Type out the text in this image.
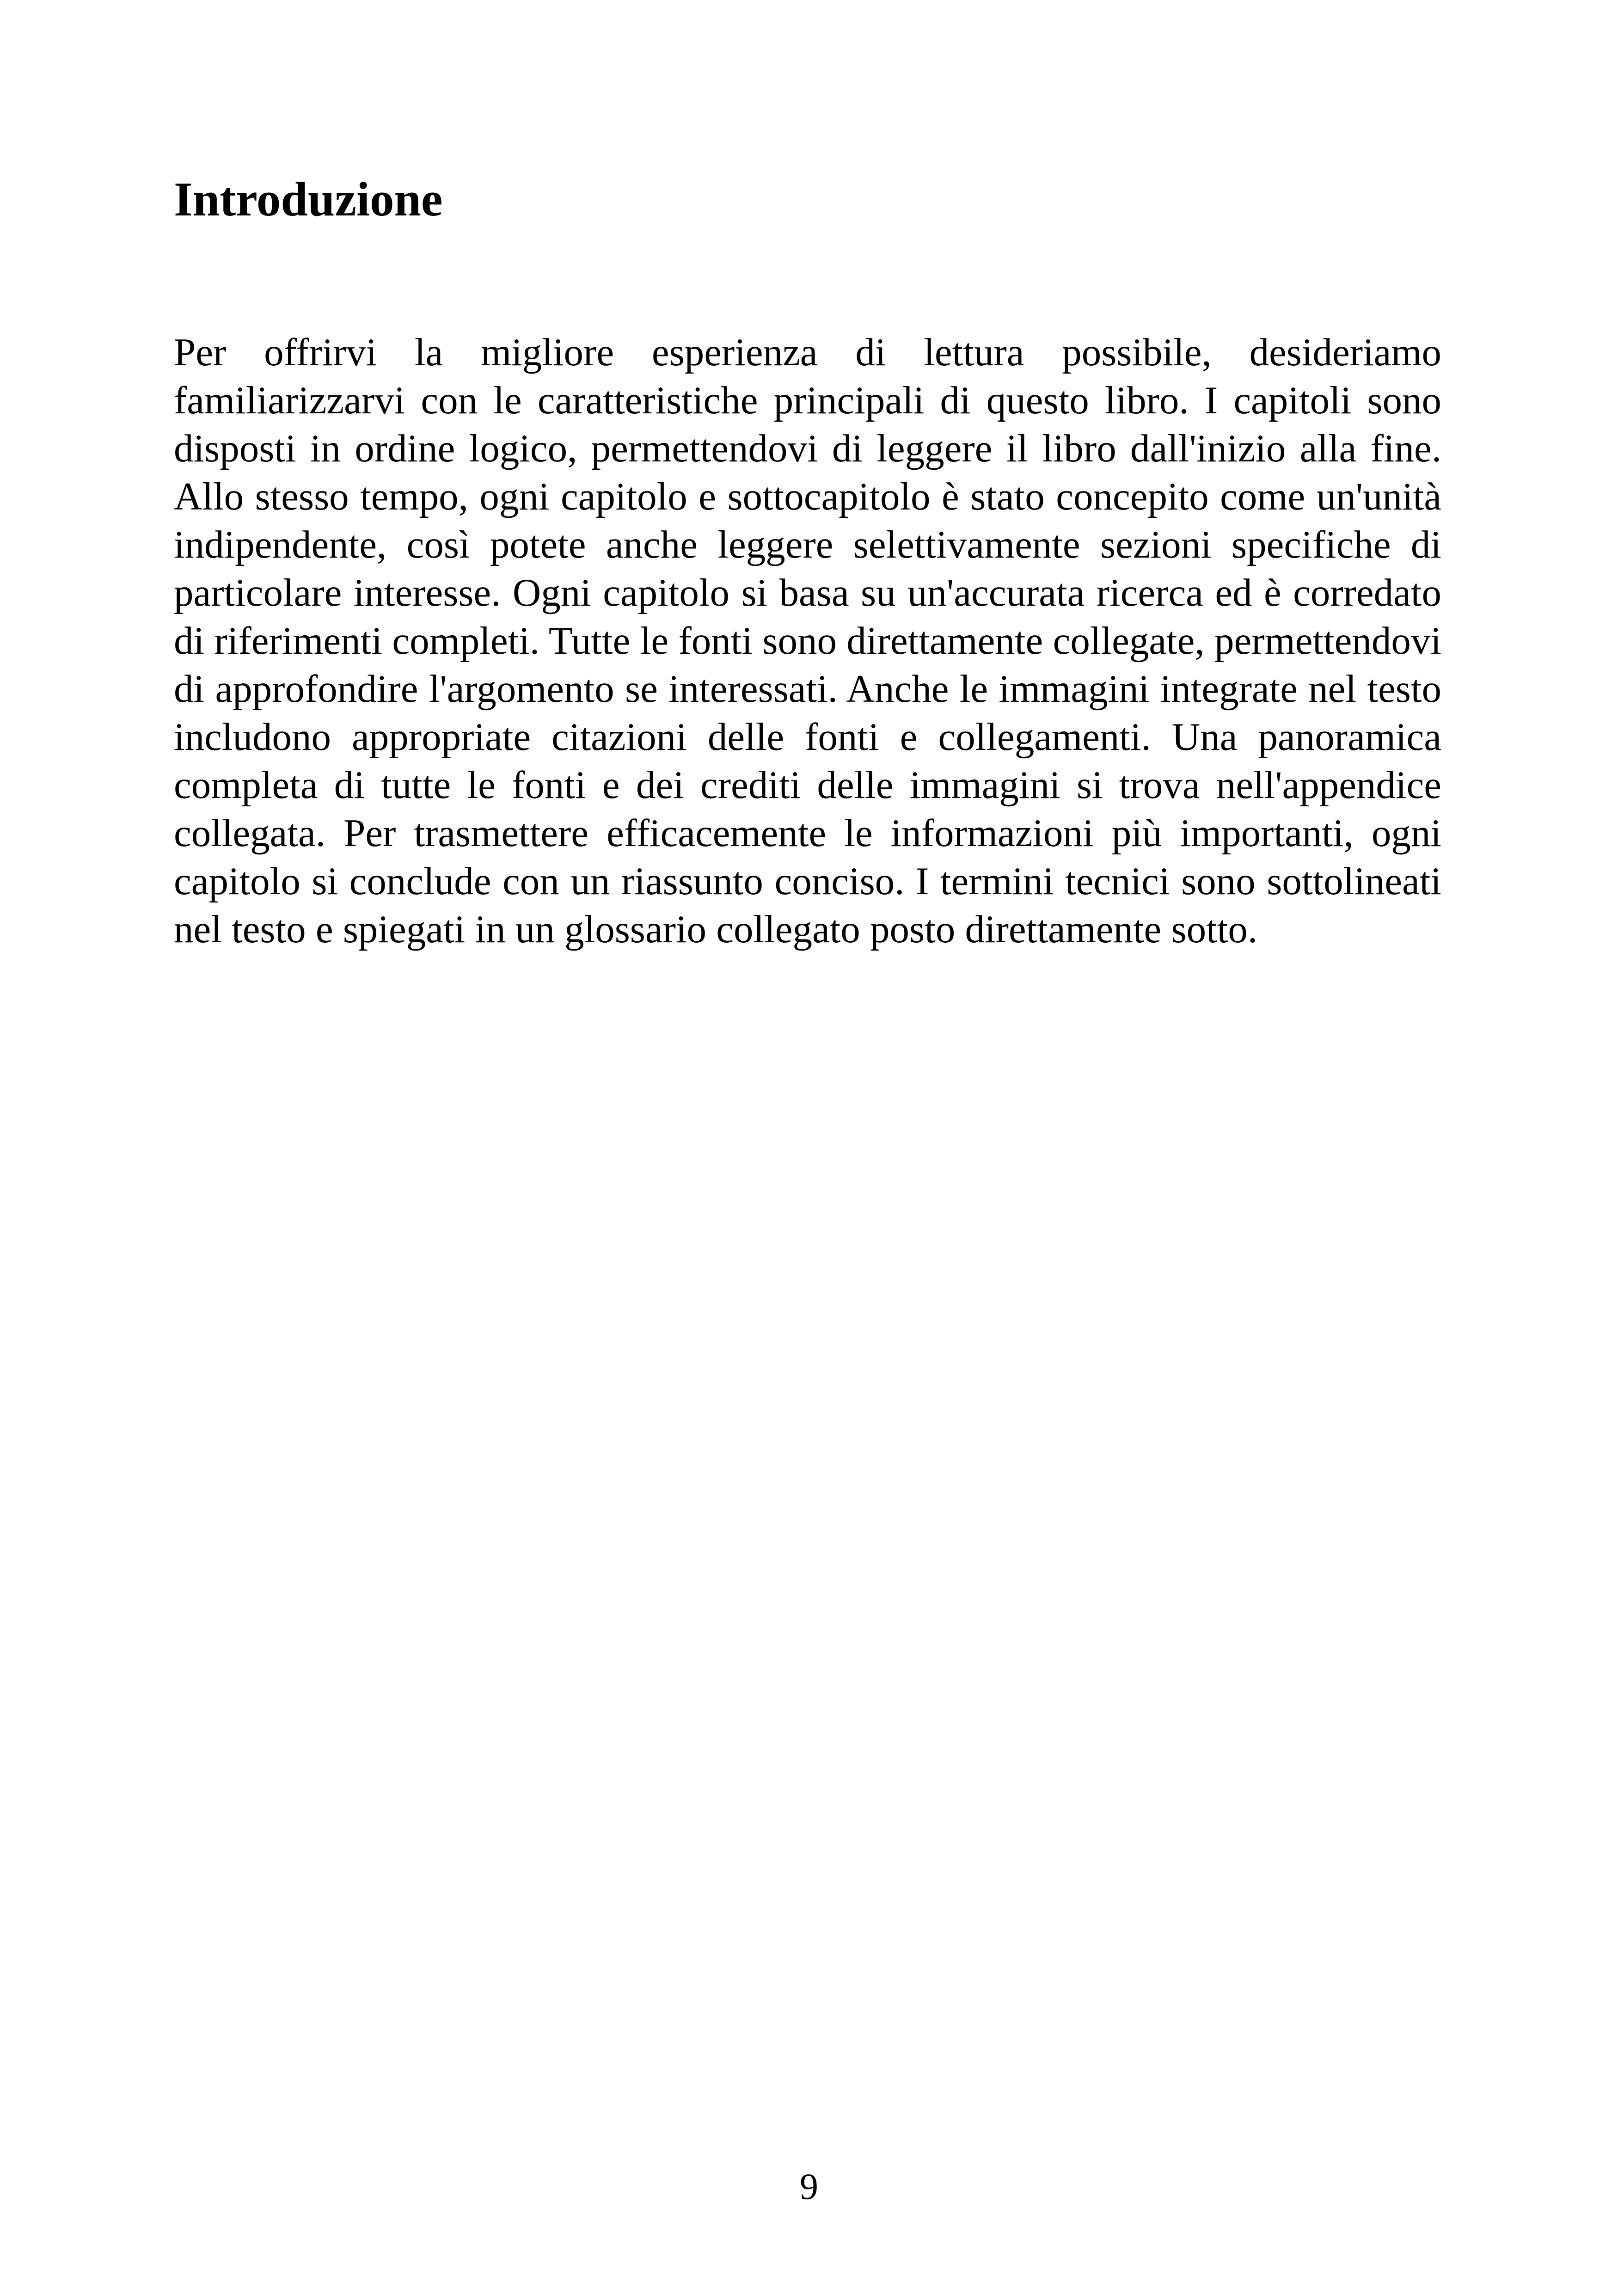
Introduzione

Per offrirvi la migliore esperienza di lettura possibile, desideriamo familiarizzarvi con le caratteristiche principali di questo libro. I capitoli sono disposti in ordine logico, permettendovi di leggere il libro dall'inizio alla fine. Allo stesso tempo, ogni capitolo e sottocapitolo è stato concepito come un'unità indipendente, così potete anche leggere selettivamente sezioni specifiche di particolare interesse. Ogni capitolo si basa su un'accurata ricerca ed è corredato di riferimenti completi. Tutte le fonti sono direttamente collegate, permettendovi di approfondire l'argomento se interessati. Anche le immagini integrate nel testo includono appropriate citazioni delle fonti e collegamenti. Una panoramica completa di tutte le fonti e dei crediti delle immagini si trova nell'appendice collegata. Per trasmettere efficacemente le informazioni più importanti, ogni capitolo si conclude con un riassunto conciso. I termini tecnici sono sottolineati nel testo e spiegati in un glossario collegato posto direttamente sotto.

9
